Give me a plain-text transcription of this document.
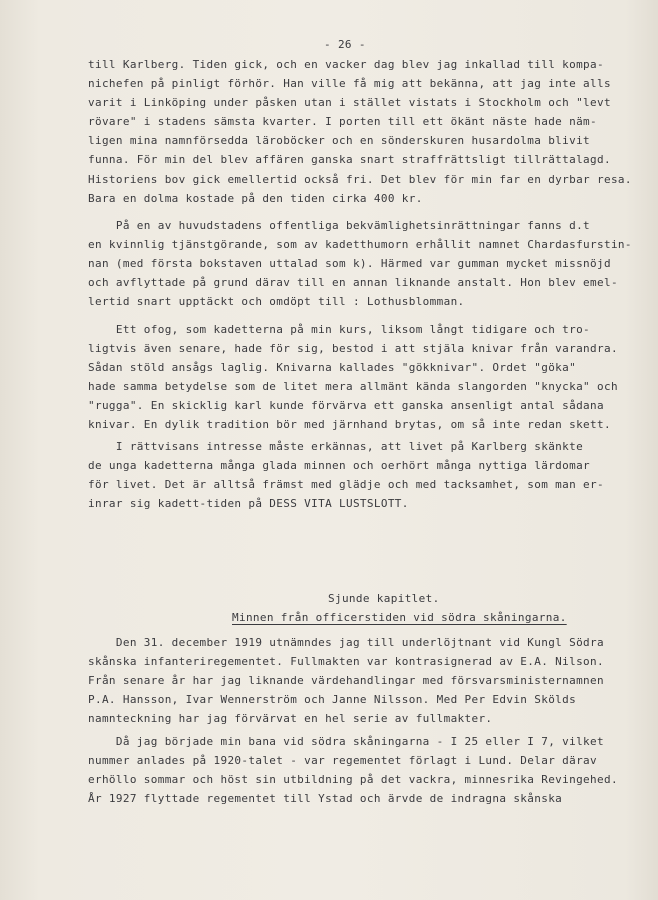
- 26 -
till Karlberg. Tiden gick, och en vacker dag blev jag inkallad till kompa-
nichefen på pinligt förhör. Han ville få mig att bekänna, att jag inte alls
varit i Linköping under påsken utan i stället vistats i Stockholm och "levt
rövare" i stadens sämsta kvarter. I porten till ett ökänt näste hade näm-
ligen mina namnförsedda läroböcker och en sönderskuren husardolma blivit
funna. För min del blev affären ganska snart straffrättsligt tillrättalagd.
Historiens bov gick emellertid också fri. Det blev för min far en dyrbar resa.
Bara en dolma kostade på den tiden cirka 400 kr.
På en av huvudstadens offentliga bekvämlighetsinrättningar fanns d.t
en kvinnlig tjänstgörande, som av kadetthumorn erhållit namnet Chardasfurstin-
nan (med första bokstaven uttalad som k). Härmed var gumman mycket missnöjd
och avflyttade på grund därav till en annan liknande anstalt. Hon blev emel-
lertid snart upptäckt och omdöpt till : Lothusblomman.
Ett ofog, som kadetterna på min kurs, liksom långt tidigare och tro-
ligtvis även senare, hade för sig, bestod i att stjäla knivar från varandra.
Sådan stöld ansågs laglig. Knivarna kallades "gökknivar". Ordet "göka"
hade samma betydelse som de litet mera allmänt kända slangorden "knycka" och
"rugga". En skicklig karl kunde förvärva ett ganska ansenligt antal sådana
knivar. En dylik tradition bör med järnhand brytas, om så inte redan skett.
I rättvisans intresse måste erkännas, att livet på Karlberg skänkte
de unga kadetterna många glada minnen och oerhört många nyttiga lärdomar
för livet. Det är alltså främst med glädje och med tacksamhet, som man er-
inrar sig kadett-tiden på DESS VITA LUSTSLOTT.
Sjunde kapitlet.
Minnen från officerstiden vid södra skåningarna.
Den 31. december 1919 utnämndes jag till underlöjtnant vid Kungl Södra
skånska infanteriregementet. Fullmakten var kontrasignerad av E.A. Nilson.
Från senare år har jag liknande värdehandlingar med försvarsministernamnen
P.A. Hansson, Ivar Wennerström och Janne Nilsson. Med Per Edvin Skölds
namnteckning har jag förvärvat en hel serie av fullmakter.
Då jag började min bana vid södra skåningarna - I 25 eller I 7, vilket
nummer anlades på 1920-talet - var regementet förlagt i Lund. Delar därav
erhöllo sommar och höst sin utbildning på det vackra, minnesrika Revingehed.
År 1927 flyttade regementet till Ystad och ärvde de indragna skånska
